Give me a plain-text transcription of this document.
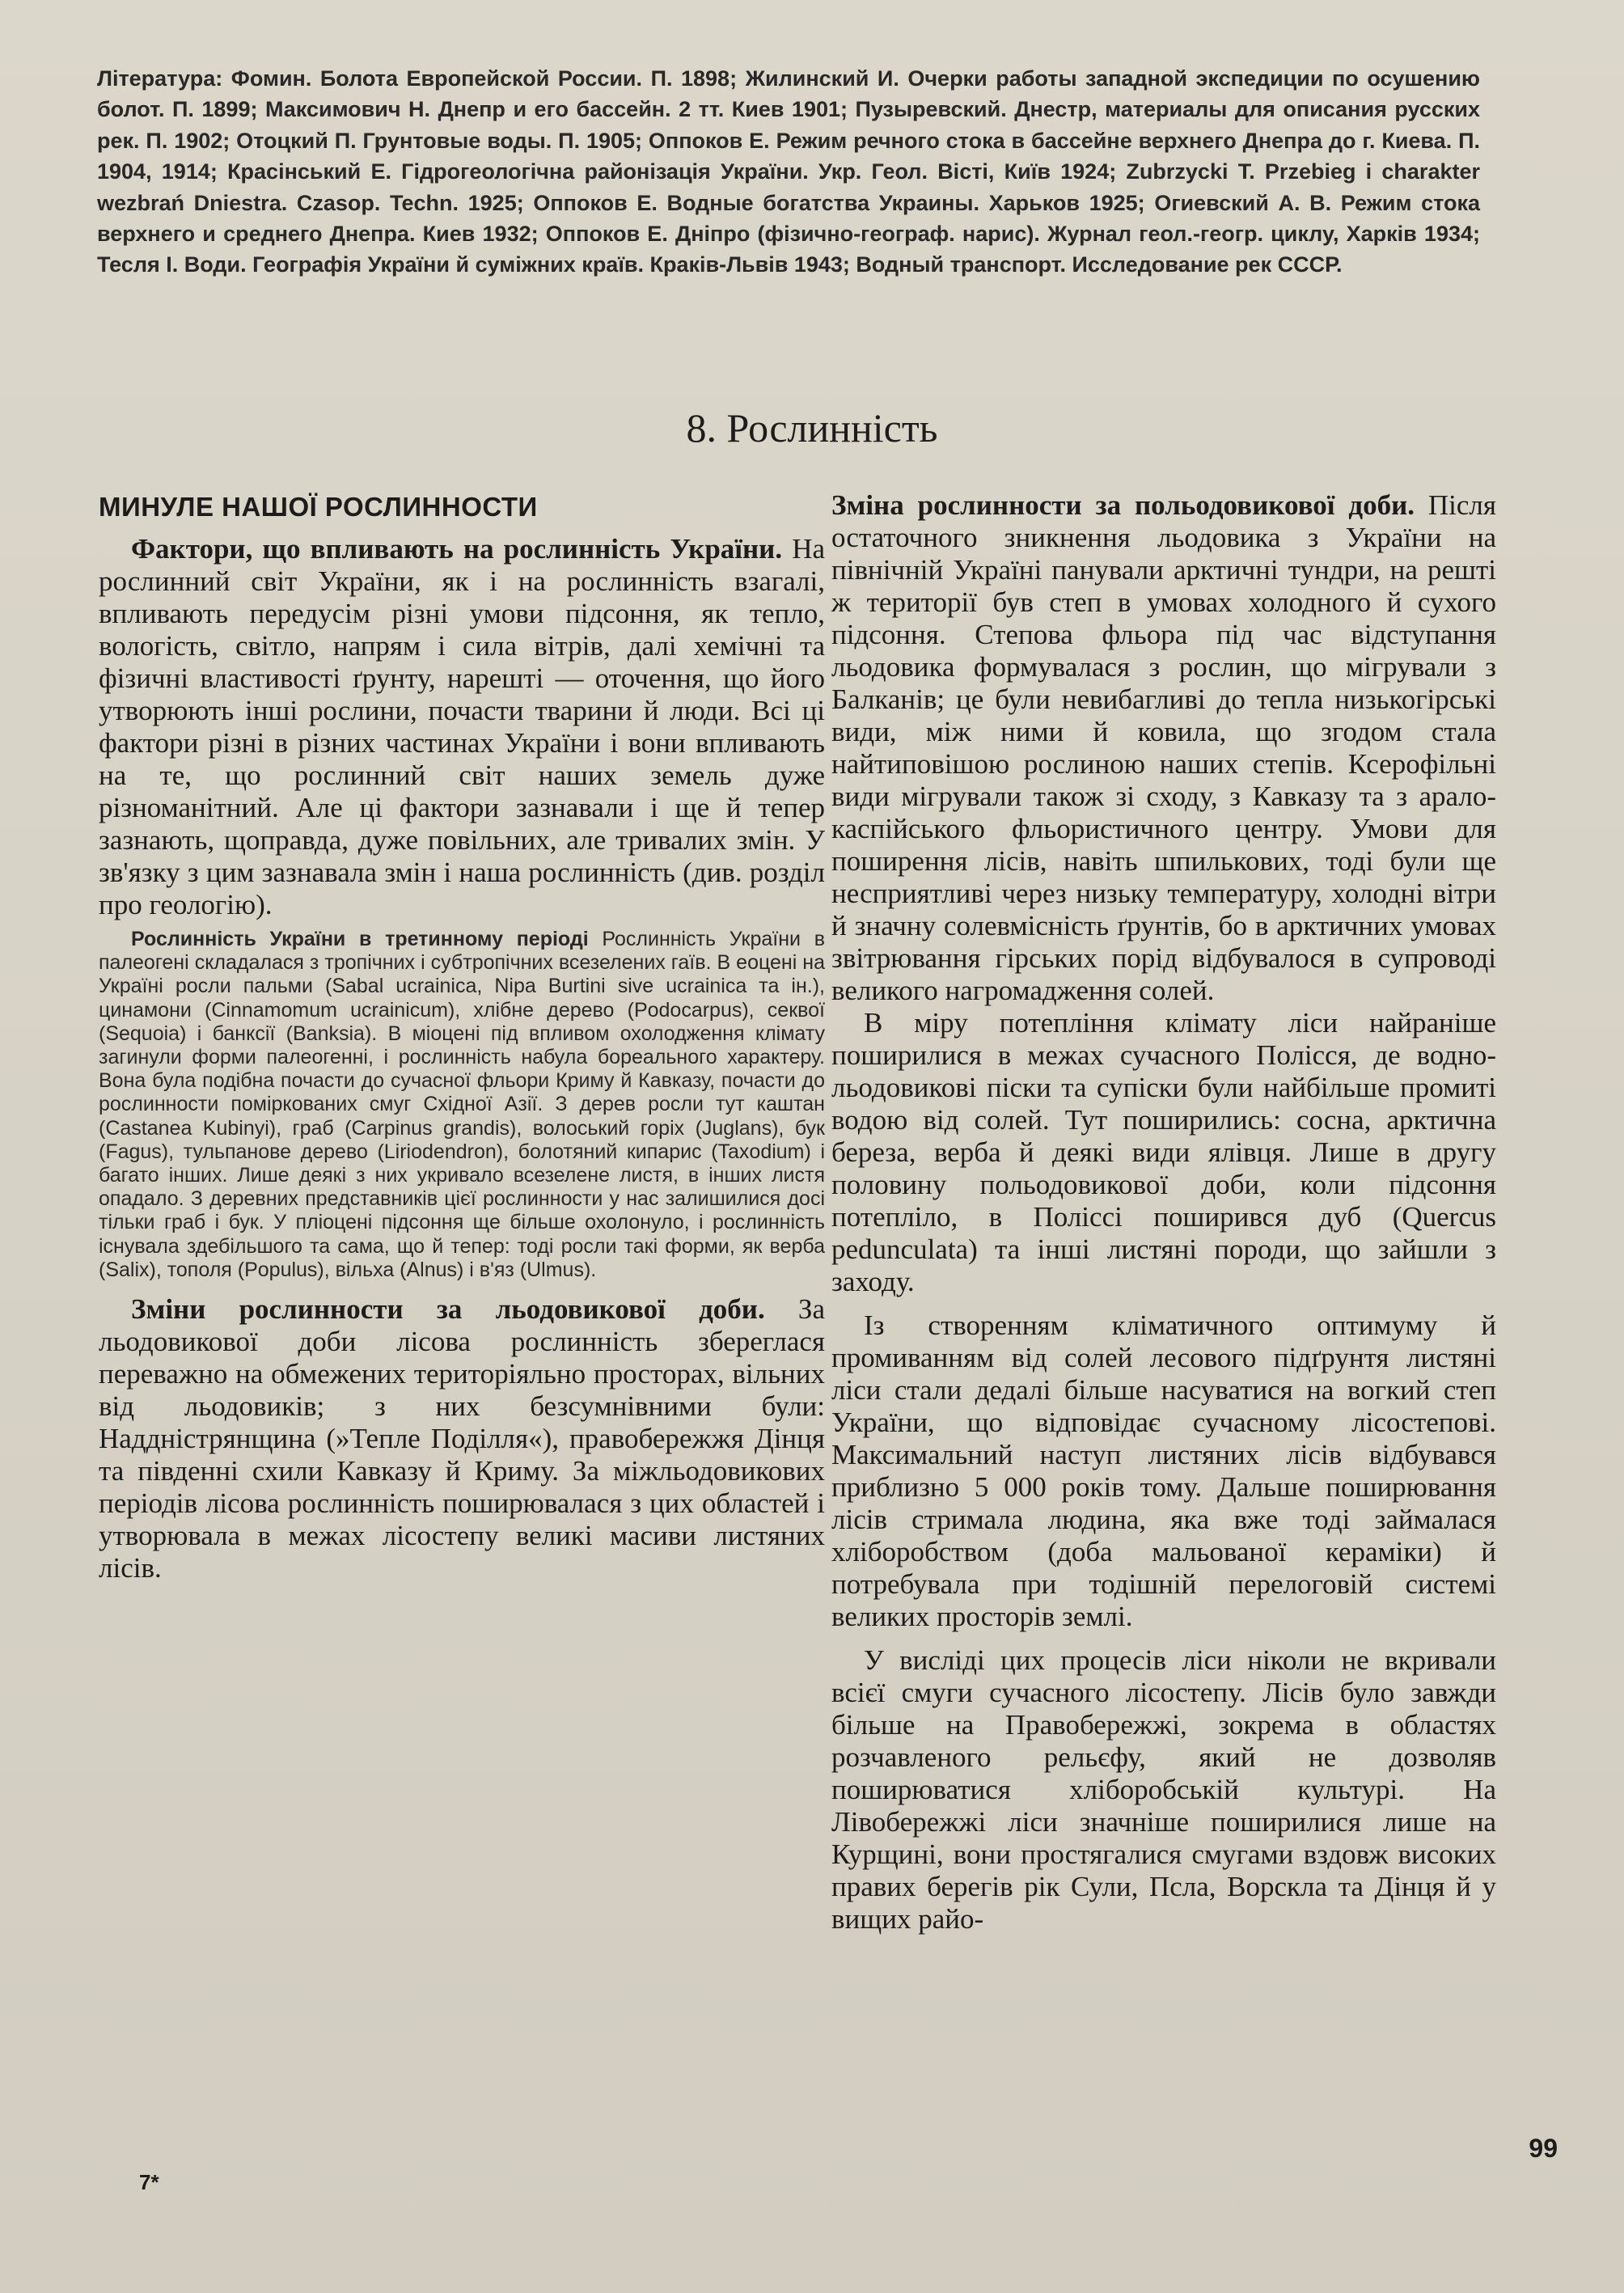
Література: Фомин. Болота Европейской России. П. 1898; Жилинский И. Очерки работы западной экспедиции по осушению болот. П. 1899; Максимович Н. Днепр и его бассейн. 2 тт. Киев 1901; Пузыревский. Днестр, материалы для описания русских рек. П. 1902; Отоцкий П. Грунтовые воды. П. 1905; Оппоков Е. Режим речного стока в бассейне верхнего Днепра до г. Киева. П. 1904, 1914; Красінський Е. Гідрогеологічна районізація України. Укр. Геол. Вісті, Київ 1924; Zubrzycki T. Przebieg i charakter wezbrań Dniestra. Czasop. Techn. 1925; Оппоков Е. Водные богатства Украины. Харьков 1925; Огиевский А. В. Режим стока верхнего и среднего Днепра. Киев 1932; Оппоков Е. Дніпро (фізично-географ. нарис). Журнал геол.-геогр. циклу, Харків 1934; Тесля І. Води. Географія України й суміжних країв. Краків-Львів 1943; Водный транспорт. Исследование рек СССР.
8. Рослинність
МИНУЛЕ НАШОЇ РОСЛИННОСТИ

Фактори, що впливають на рослинність України. На рослинний світ України, як і на рослинність взагалі, впливають передусім різні умови підсоння, як тепло, вологість, світло, напрям і сила вітрів, далі хемічні та фізичні властивості ґрунту, нарешті — оточення, що його утворюють інші рослини, почасти тварини й люди. Всі ці фактори різні в різних частинах України і вони впливають на те, що рослинний світ наших земель дуже різноманітний. Але ці фактори зазнавали і ще й тепер зазнають, щоправда, дуже повільних, але тривалих змін. У зв'язку з цим зазнавала змін і наша рослинність (див. розділ про геологію).

Рослинність України в третинному періоді Рослинність України в палеогені складалася з тропічних і субтропічних всезелених гаїв. В еоцені на Україні росли пальми (Sabal ucrainica, Nipa Burtini sive ucrainica та ін.), цинамони (Cinnamomum ucrainicum), хлібне дерево (Podocarpus), секвої (Sequoia) і банксії (Banksia). В міоцені під впливом охолодження клімату загинули форми палеогенні, і рослинність набула бореального характеру. Вона була подібна почасти до сучасної фльори Криму й Кавказу, почасти до рослинности поміркованих смуг Східної Азії. З дерев росли тут каштан (Castanea Kubinyi), граб (Carpinus grandis), волоський горіх (Juglans), бук (Fagus), тульпанове дерево (Liriodendron), болотяний кипарис (Taxodium) і багато інших. Лише деякі з них укривало всезелене листя, в інших листя опадало. З деревних представників цієї рослинности у нас залишилися досі тільки граб і бук. У пліоцені підсоння ще більше охолонуло, і рослинність існувала здебільшого та сама, що й тепер: тоді росли такі форми, як верба (Salix), тополя (Populus), вільха (Alnus) і в'яз (Ulmus).

Зміни рослинности за льодовикової доби. За льодовикової доби лісова рослинність збереглася переважно на обмежених територіяльно просторах, вільних від льодовиків; з них безсумнівними були: Наддністрянщина (»Тепле Поділля«), правобережжя Дінця та південні схили Кавказу й Криму. За міжльодовикових періодів лісова рослинність поширювалася з цих областей і утворювала в межах лісостепу великі масиви листяних лісів.

Зміна рослинности за польодовикової доби. Після остаточного зникнення льодовика з України на північній Україні панували арктичні тундри, на решті ж території був степ в умовах холодного й сухого підсоння. Степова фльора під час відступання льодовика формувалася з рослин, що мігрували з Балканів; це були невибагливі до тепла низькогірські види, між ними й ковила, що згодом стала найтиповішою рослиною наших степів. Ксерофільні види мігрували також зі сходу, з Кавказу та з арало-каспійського фльористичного центру. Умови для поширення лісів, навіть шпилькових, тоді були ще несприятливі через низьку температуру, холодні вітри й значну солевмісність ґрунтів, бо в арктичних умовах звітрювання гірських порід відбувалося в супроводі великого нагромадження солей.

В міру потепління клімату ліси найраніше поширилися в межах сучасного Полісся, де водно-льодовикові піски та супіски були найбільше промиті водою від солей. Тут поширились: сосна, арктична береза, верба й деякі види ялівця. Лише в другу половину польодовикової доби, коли підсоння потепліло, в Поліссі поширився дуб (Quercus pedunculata) та інші листяні породи, що зайшли з заходу.

Із створенням кліматичного оптимуму й промиванням від солей лесового підґрунтя листяні ліси стали дедалі більше насуватися на вогкий степ України, що відповідає сучасному лісостепові. Максимальний наступ листяних лісів відбувався приблизно 5 000 років тому. Дальше поширювання лісів стримала людина, яка вже тоді займалася хліборобством (доба мальованої кераміки) й потребувала при тодішній перелоговій системі великих просторів землі.

У висліді цих процесів ліси ніколи не вкривали всієї смуги сучасного лісостепу. Лісів було завжди більше на Правобережжі, зокрема в областях розчавленого рельєфу, який не дозволяв поширюватися хліборобській культурі. На Лівобережжі ліси значніше поширилися лише на Курщині, вони простягалися смугами вздовж високих правих берегів рік Сули, Псла, Ворскла та Дінця й у вищих райо-

7*
99
